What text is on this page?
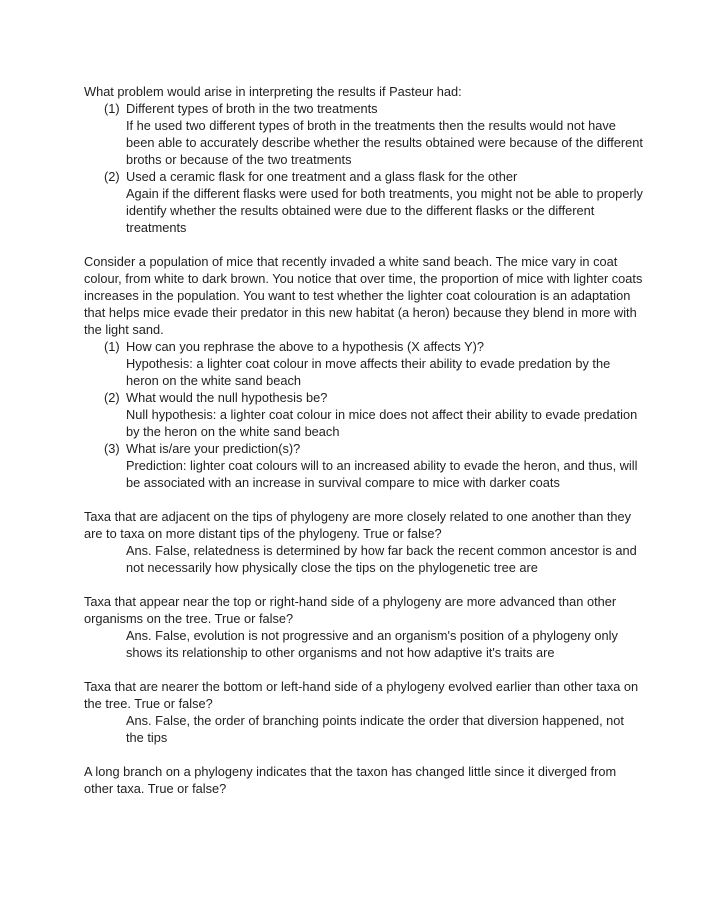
What problem would arise in interpreting the results if Pasteur had:

(1) Different types of broth in the two treatments

If he used two different types of broth in the treatments then the results would not have been able to accurately describe whether the results obtained were because of the different broths or because of the two treatments

(2) Used a ceramic flask for one treatment and a glass flask for the other

Again if the different flasks were used for both treatments, you might not be able to properly identify whether the results obtained were due to the different flasks or the different treatments

Consider a population of mice that recently invaded a white sand beach. The mice vary in coat colour, from white to dark brown. You notice that over time, the proportion of mice with lighter coats increases in the population. You want to test whether the lighter coat colouration is an adaptation that helps mice evade their predator in this new habitat (a heron) because they blend in more with the light sand.

(1) How can you rephrase the above to a hypothesis (X affects Y)?

Hypothesis: a lighter coat colour in move affects their ability to evade predation by the heron on the white sand beach

(2) What would the null hypothesis be?

Null hypothesis: a lighter coat colour in mice does not affect their ability to evade predation by the heron on the white sand beach

(3) What is/are your prediction(s)?

Prediction: lighter coat colours will to an increased ability to evade the heron, and thus, will be associated with an increase in survival compare to mice with darker coats

Taxa that are adjacent on the tips of phylogeny are more closely related to one another than they are to taxa on more distant tips of the phylogeny. True or false?

Ans. False, relatedness is determined by how far back the recent common ancestor is and not necessarily how physically close the tips on the phylogenetic tree are

Taxa that appear near the top or right-hand side of a phylogeny are more advanced than other organisms on the tree. True or false?

Ans. False, evolution is not progressive and an organism's position of a phylogeny only shows its relationship to other organisms and not how adaptive it's traits are

Taxa that are nearer the bottom or left-hand side of a phylogeny evolved earlier than other taxa on the tree. True or false?

Ans. False, the order of branching points indicate the order that diversion happened, not the tips

A long branch on a phylogeny indicates that the taxon has changed little since it diverged from other taxa. True or false?
